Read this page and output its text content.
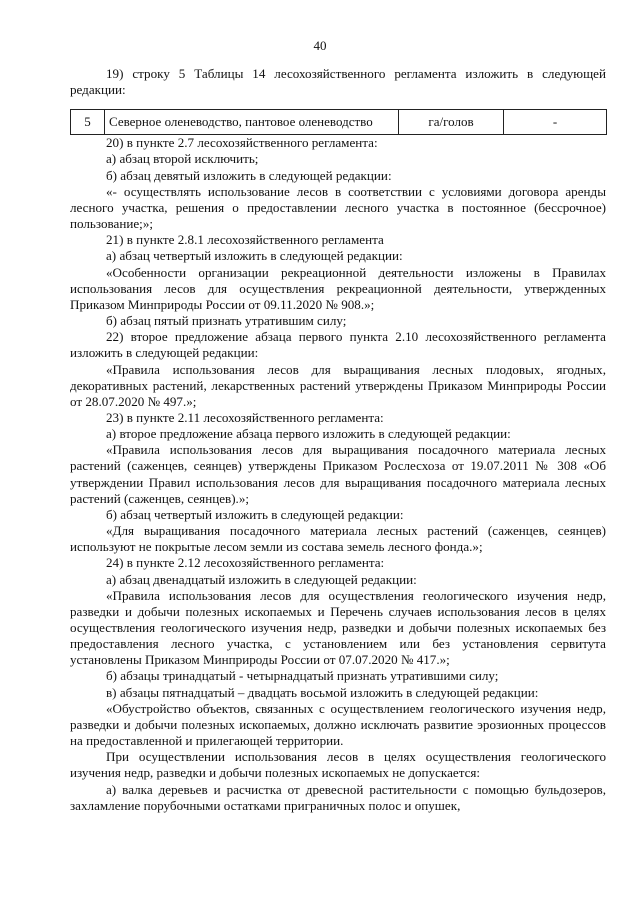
40

19) строку 5 Таблицы 14 лесохозяйственного регламента изложить в следующей редакции:

5	Северное оленеводство, пантовое оленеводство	га/голов	-

20) в пункте 2.7 лесохозяйственного регламента:

а) абзац второй исключить;

б) абзац девятый изложить в следующей редакции:

«- осуществлять использование лесов в соответствии с условиями договора аренды лесного участка, решения о предоставлении лесного участка в постоянное (бессрочное) пользование;»;

21) в пункте 2.8.1 лесохозяйственного регламента

а) абзац четвертый изложить в следующей редакции:

«Особенности организации рекреационной деятельности изложены в Правилах использования лесов для осуществления рекреационной деятельности, утвержденных Приказом Минприроды России от 09.11.2020 № 908.»;

б) абзац пятый признать утратившим силу;

22) второе предложение абзаца первого пункта 2.10 лесохозяйственного регламента изложить в следующей редакции:

«Правила использования лесов для выращивания лесных плодовых, ягодных, декоративных растений, лекарственных растений утверждены Приказом Минприроды России от 28.07.2020 № 497.»;

23) в пункте 2.11 лесохозяйственного регламента:

а) второе предложение абзаца первого изложить в следующей редакции:

«Правила использования лесов для выращивания посадочного материала лесных растений (саженцев, сеянцев) утверждены Приказом Рослесхоза от 19.07.2011 № 308 «Об утверждении Правил использования лесов для выращивания посадочного материала лесных растений (саженцев, сеянцев).»;

б) абзац четвертый изложить в следующей редакции:

«Для выращивания посадочного материала лесных растений (саженцев, сеянцев) используют не покрытые лесом земли из состава земель лесного фонда.»;

24) в пункте 2.12 лесохозяйственного регламента:

а) абзац двенадцатый изложить в следующей редакции:

«Правила использования лесов для осуществления геологического изучения недр, разведки и добычи полезных ископаемых и Перечень случаев использования лесов в целях осуществления геологического изучения недр, разведки и добычи полезных ископаемых без предоставления лесного участка, с установлением или без установления сервитута установлены Приказом Минприроды России от 07.07.2020 № 417.»;

б) абзацы тринадцатый - четырнадцатый признать утратившими силу;

в) абзацы пятнадцатый – двадцать восьмой изложить в следующей редакции:

«Обустройство объектов, связанных с осуществлением геологического изучения недр, разведки и добычи полезных ископаемых, должно исключать развитие эрозионных процессов на предоставленной и прилегающей территории.

При осуществлении использования лесов в целях осуществления геологического изучения недр, разведки и добычи полезных ископаемых не допускается:

а) валка деревьев и расчистка от древесной растительности с помощью бульдозеров, захламление порубочными остатками приграничных полос и опушек,
